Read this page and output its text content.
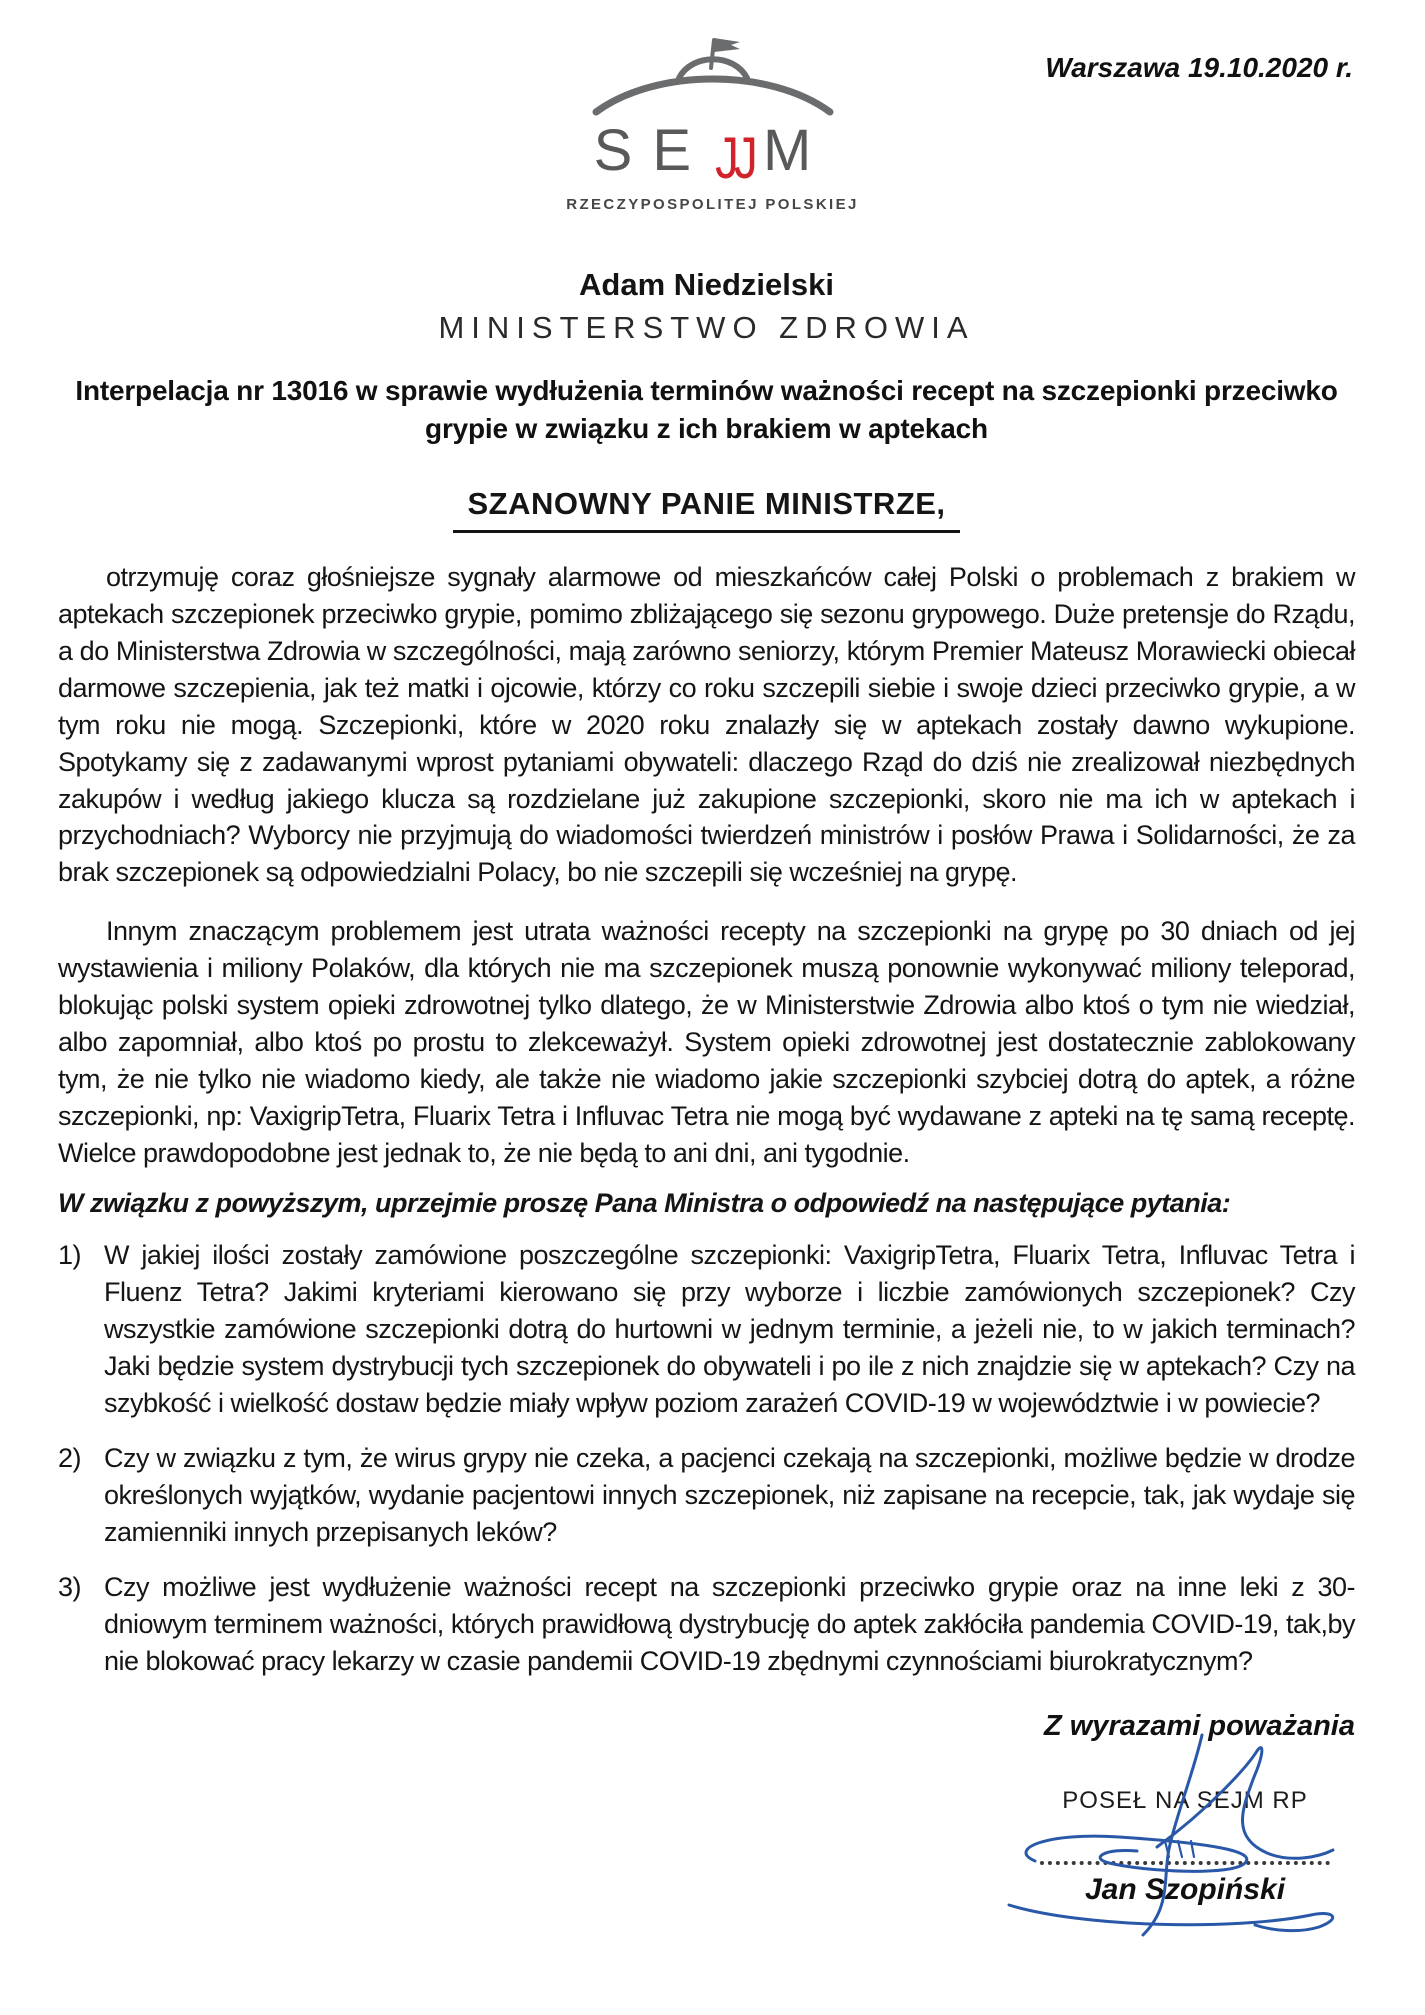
Warszawa 19.10.2020 r.
SEJJ M
RZECZYPOSPOLITEJ POLSKIEJ
Adam Niedzielski
MINISTERSTWO ZDROWIA
Interpelacja nr 13016 w sprawie wydłużenia terminów ważności recept na szczepionki przeciwko grypie w związku z ich brakiem w aptekach
SZANOWNY PANIE MINISTRZE,

otrzymuję coraz głośniejsze sygnały alarmowe od mieszkańców całej Polski o problemach z brakiem w aptekach szczepionek przeciwko grypie, pomimo zbliżającego się sezonu grypowego. Duże pretensje do Rządu, a do Ministerstwa Zdrowia w szczególności, mają zarówno seniorzy, którym Premier Mateusz Morawiecki obiecał darmowe szczepienia, jak też matki i ojcowie, którzy co roku szczepili siebie i swoje dzieci przeciwko grypie, a w tym roku nie mogą. Szczepionki, które w 2020 roku znalazły się w aptekach zostały dawno wykupione. Spotykamy się z zadawanymi wprost pytaniami obywateli: dlaczego Rząd do dziś nie zrealizował niezbędnych zakupów i według jakiego klucza są rozdzielane już zakupione szczepionki, skoro nie ma ich w aptekach i przychodniach? Wyborcy nie przyjmują do wiadomości twierdzeń ministrów i posłów Prawa i Solidarności, że za brak szczepionek są odpowiedzialni Polacy, bo nie szczepili się wcześniej na grypę.

Innym znaczącym problemem jest utrata ważności recepty na szczepionki na grypę po 30 dniach od jej wystawienia i miliony Polaków, dla których nie ma szczepionek muszą ponownie wykonywać miliony teleporad, blokując polski system opieki zdrowotnej tylko dlatego, że w Ministerstwie Zdrowia albo ktoś o tym nie wiedział, albo zapomniał, albo ktoś po prostu to zlekceważył. System opieki zdrowotnej jest dostatecznie zablokowany tym, że nie tylko nie wiadomo kiedy, ale także nie wiadomo jakie szczepionki szybciej dotrą do aptek, a różne szczepionki, np: VaxigripTetra, Fluarix Tetra i Influvac Tetra nie mogą być wydawane z apteki na tę samą receptę. Wielce prawdopodobne jest jednak to, że nie będą to ani dni, ani tygodnie.

W związku z powyższym, uprzejmie proszę Pana Ministra o odpowiedź na następujące pytania:
1) W jakiej ilości zostały zamówione poszczególne szczepionki: VaxigripTetra, Fluarix Tetra, Influvac Tetra i Fluenz Tetra? Jakimi kryteriami kierowano się przy wyborze i liczbie zamówionych szczepionek? Czy wszystkie zamówione szczepionki dotrą do hurtowni w jednym terminie, a jeżeli nie, to w jakich terminach? Jaki będzie system dystrybucji tych szczepionek do obywateli i po ile z nich znajdzie się w aptekach? Czy na szybkość i wielkość dostaw będzie miały wpływ poziom zarażeń COVID-19 w województwie i w powiecie?
2) Czy w związku z tym, że wirus grypy nie czeka, a pacjenci czekają na szczepionki, możliwe będzie w drodze określonych wyjątków, wydanie pacjentowi innych szczepionek, niż zapisane na recepcie, tak, jak wydaje się zamienniki innych przepisanych leków?
3) Czy możliwe jest wydłużenie ważności recept na szczepionki przeciwko grypie oraz na inne leki z 30-dniowym terminem ważności, których prawidłową dystrybucję do aptek zakłóciła pandemia COVID-19, tak,by nie blokować pracy lekarzy w czasie pandemii COVID-19 zbędnymi czynnościami biurokratycznym?
Z wyrazami poważania
POSEŁ NA SEJM RP
Jan Szopiński
